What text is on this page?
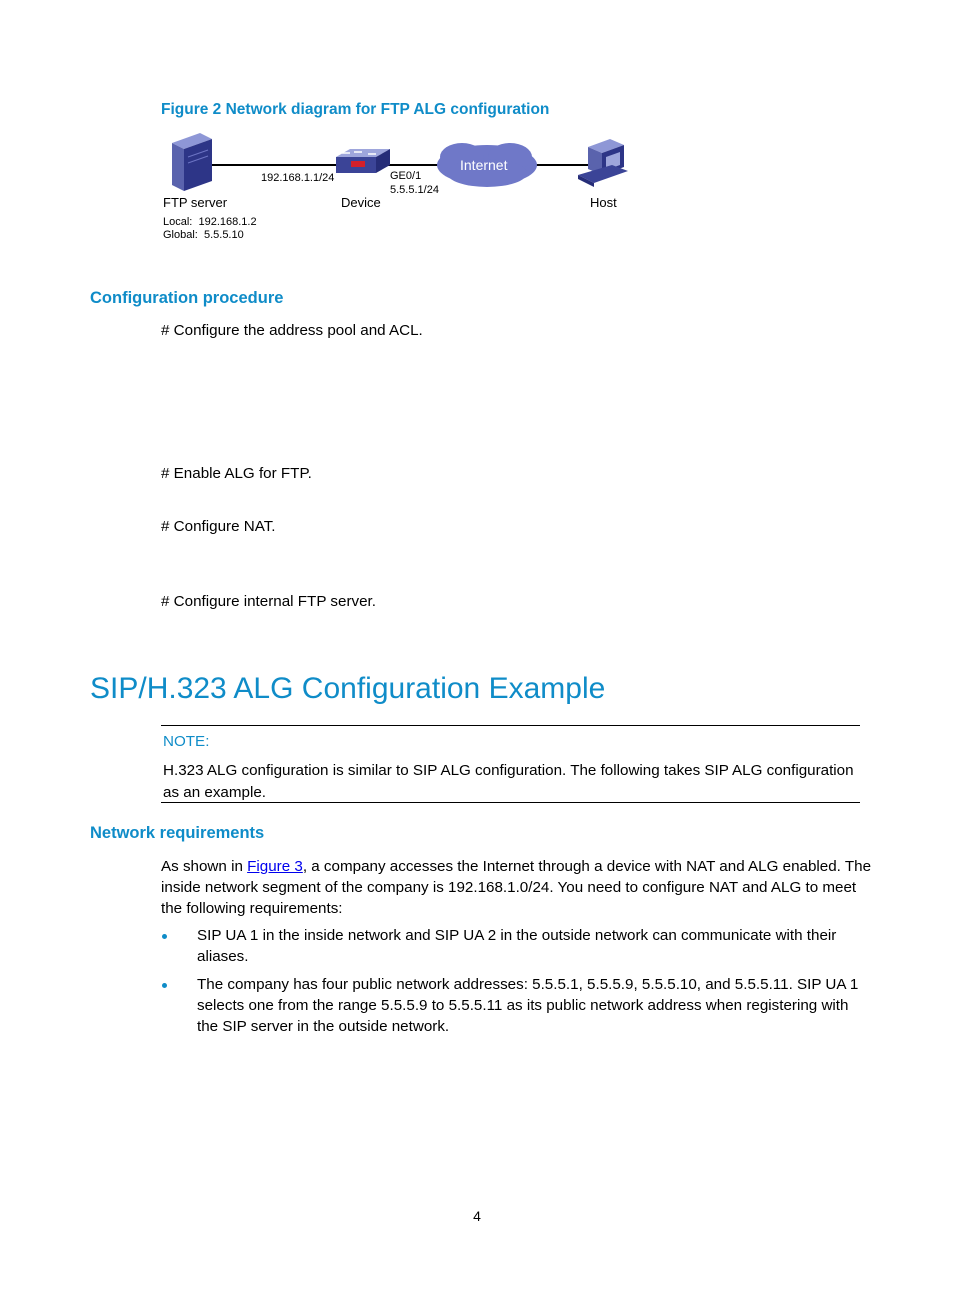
Figure 2 Network diagram for FTP ALG configuration
Internet
192.168.1.1/24	GE0/1
5.5.5.1/24
FTP server	Device	Host
Local:  192.168.1.2
Global:  5.5.5.10
Configuration procedure
# Configure the address pool and ACL.
# Enable ALG for FTP.
# Configure NAT.
# Configure internal FTP server.
SIP/H.323 ALG Configuration Example
NOTE:
H.323 ALG configuration is similar to SIP ALG configuration. The following takes SIP ALG configuration
as an example.
Network requirements
As shown in Figure 3, a company accesses the Internet through a device with NAT and ALG enabled. The
inside network segment of the company is 192.168.1.0/24. You need to configure NAT and ALG to meet
the following requirements:
SIP UA 1 in the inside network and SIP UA 2 in the outside network can communicate with their
aliases.
The company has four public network addresses: 5.5.5.1, 5.5.5.9, 5.5.5.10, and 5.5.5.11. SIP UA 1
selects one from the range 5.5.5.9 to 5.5.5.11 as its public network address when registering with
the SIP server in the outside network.
4
